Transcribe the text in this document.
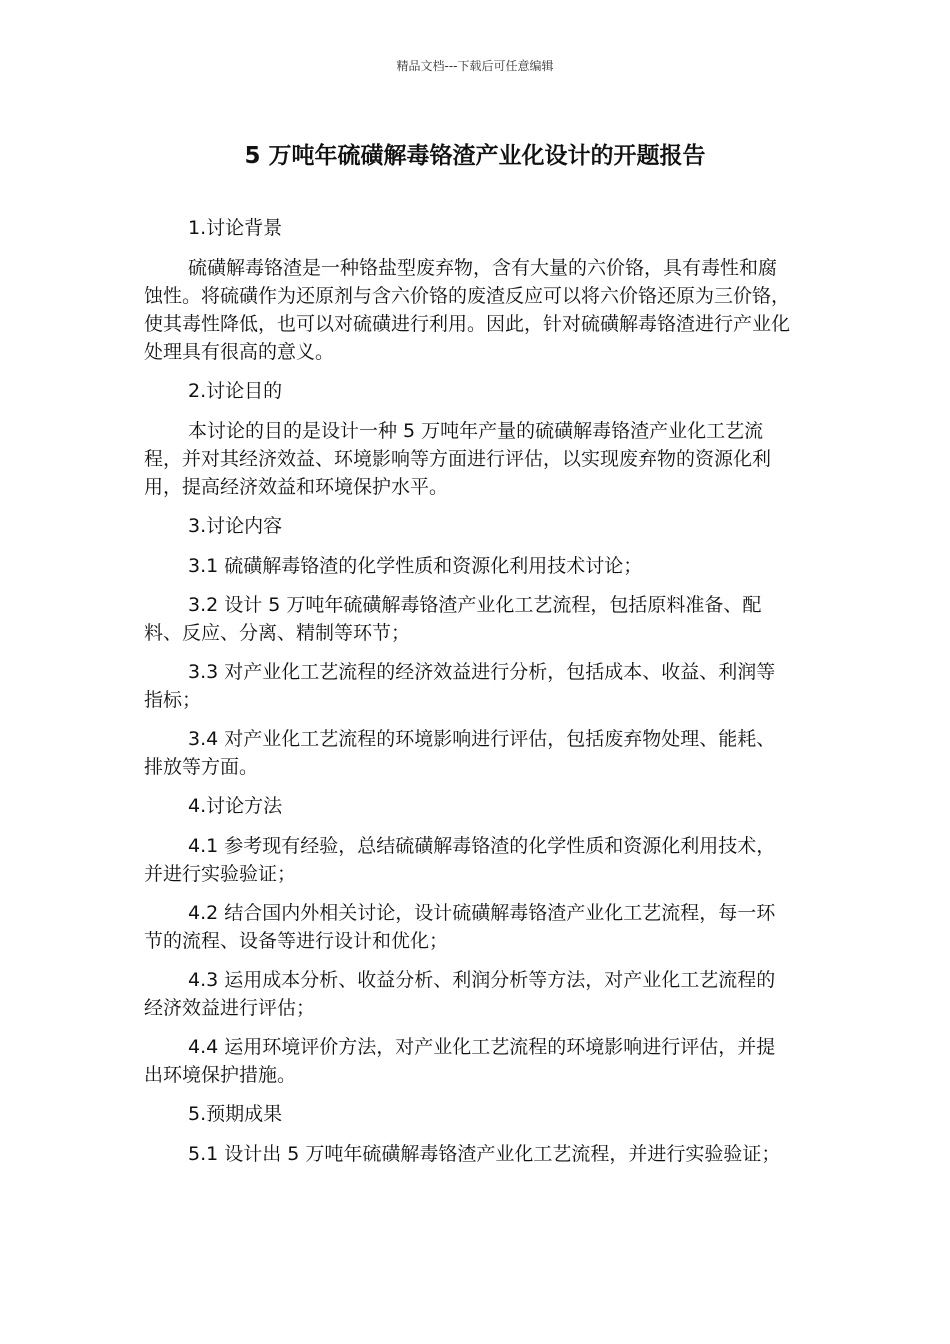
精品文档---下载后可任意编辑
5 万吨年硫磺解毒铬渣产业化设计的开题报告

1.讨论背景

硫磺解毒铬渣是一种铬盐型废弃物，含有大量的六价铬，具有毒性和腐蚀性。将硫磺作为还原剂与含六价铬的废渣反应可以将六价铬还原为三价铬，使其毒性降低，也可以对硫磺进行利用。因此，针对硫磺解毒铬渣进行产业化处理具有很高的意义。

2.讨论目的

本讨论的目的是设计一种 5 万吨年产量的硫磺解毒铬渣产业化工艺流程，并对其经济效益、环境影响等方面进行评估，以实现废弃物的资源化利用，提高经济效益和环境保护水平。

3.讨论内容

3.1 硫磺解毒铬渣的化学性质和资源化利用技术讨论；

3.2 设计 5 万吨年硫磺解毒铬渣产业化工艺流程，包括原料准备、配料、反应、分离、精制等环节；

3.3 对产业化工艺流程的经济效益进行分析，包括成本、收益、利润等指标；

3.4 对产业化工艺流程的环境影响进行评估，包括废弃物处理、能耗、排放等方面。

4.讨论方法

4.1 参考现有经验，总结硫磺解毒铬渣的化学性质和资源化利用技术，并进行实验验证；

4.2 结合国内外相关讨论，设计硫磺解毒铬渣产业化工艺流程，每一环节的流程、设备等进行设计和优化；

4.3 运用成本分析、收益分析、利润分析等方法，对产业化工艺流程的经济效益进行评估；

4.4 运用环境评价方法，对产业化工艺流程的环境影响进行评估，并提出环境保护措施。

5.预期成果

5.1 设计出 5 万吨年硫磺解毒铬渣产业化工艺流程，并进行实验验证；
